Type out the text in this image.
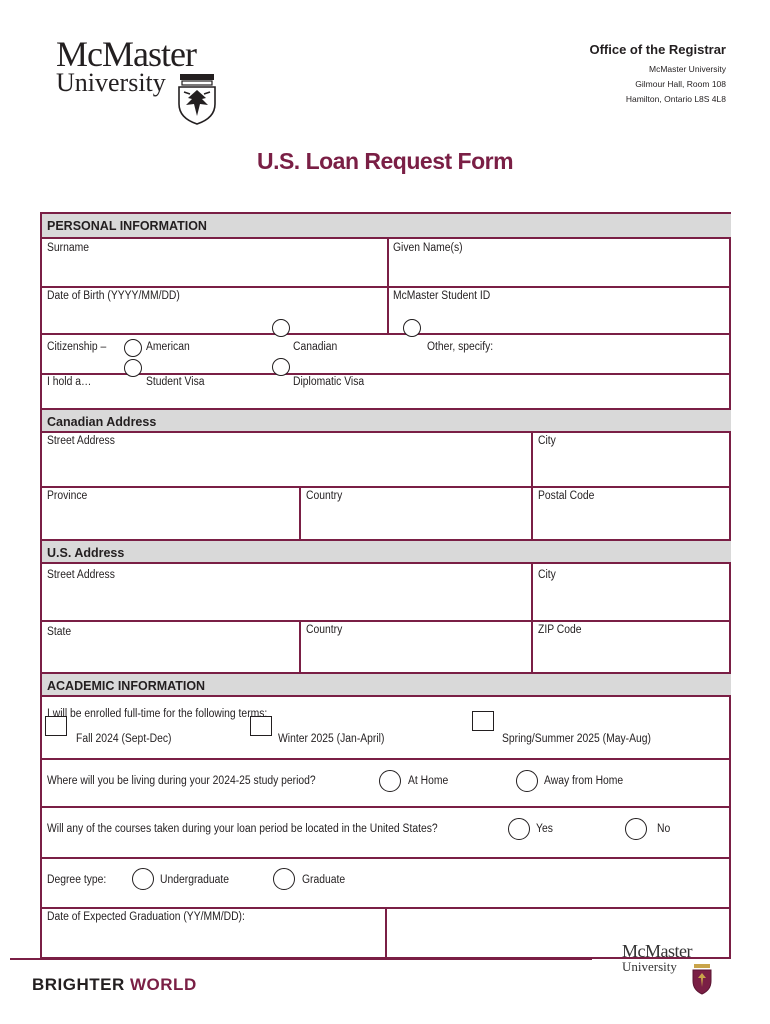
McMaster
University
Office of the Registrar
McMaster University
Gilmour Hall, Room 108
Hamilton, Ontario L8S 4L8
U.S. Loan Request Form
PERSONAL INFORMATION
Surname	Given Name(s)
Date of Birth (YYYY/MM/DD)	McMaster Student ID
Citizenship –	American	Canadian	Other, specify:
I hold a…	Student Visa	Diplomatic Visa
Canadian Address
Street Address	City
Province	Country	Postal Code
U.S. Address
Street Address	City
State	Country	ZIP Code
ACADEMIC INFORMATION
I will be enrolled full-time for the following terms:
Fall 2024 (Sept-Dec)	Winter 2025 (Jan-April)	Spring/Summer 2025 (May-Aug)
Where will you be living during your 2024-25 study period?	At Home	Away from Home
Will any of the courses taken during your loan period be located in the United States?	Yes	No
Degree type:	Undergraduate	Graduate
Date of Expected Graduation (YY/MM/DD):
BRIGHTER WORLD
McMaster
University
